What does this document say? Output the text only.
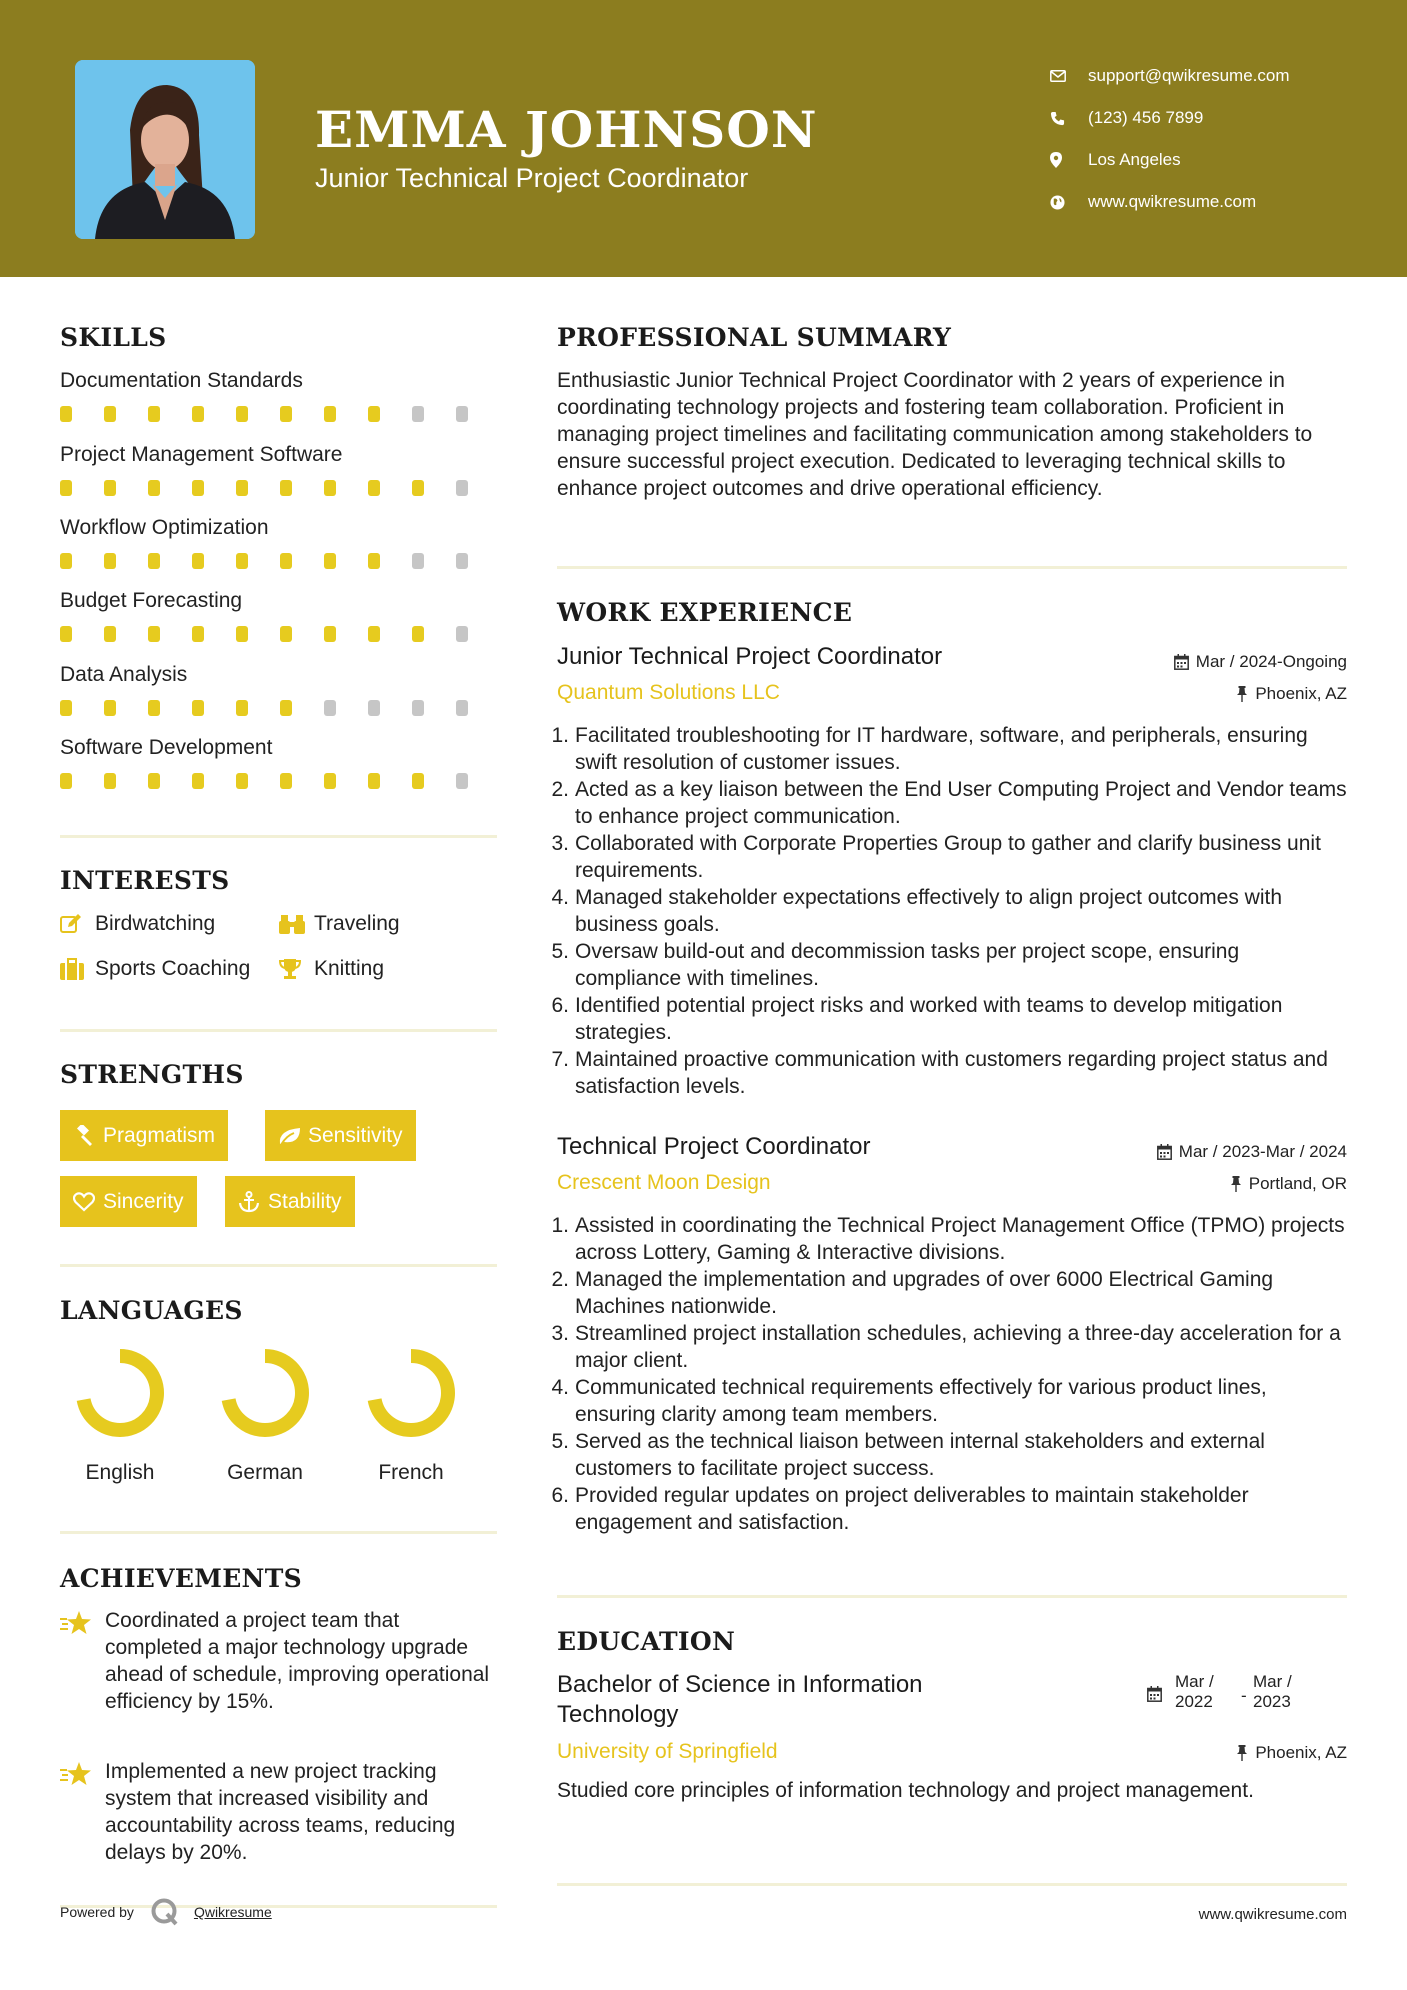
EMMA JOHNSON
Junior Technical Project Coordinator
support@qwikresume.com
(123) 456 7899
Los Angeles
www.qwikresume.com
SKILLS
Documentation Standards
Project Management Software
Workflow Optimization
Budget Forecasting
Data Analysis
Software Development
INTERESTS
Birdwatching	Traveling
Sports Coaching	Knitting
STRENGTHS
Pragmatism	Sensitivity
Sincerity	Stability
LANGUAGES
English	German	French
ACHIEVEMENTS
Coordinated a project team that completed a major technology upgrade ahead of schedule, improving operational efficiency by 15%.
Implemented a new project tracking system that increased visibility and accountability across teams, reducing delays by 20%.
Powered by	Qwikresume	www.qwikresume.com
PROFESSIONAL SUMMARY
Enthusiastic Junior Technical Project Coordinator with 2 years of experience in coordinating technology projects and fostering team collaboration. Proficient in managing project timelines and facilitating communication among stakeholders to ensure successful project execution. Dedicated to leveraging technical skills to enhance project outcomes and drive operational efficiency.
WORK EXPERIENCE
Junior Technical Project Coordinator
Quantum Solutions LLC
Mar / 2024-Ongoing
Phoenix, AZ
1. Facilitated troubleshooting for IT hardware, software, and peripherals, ensuring swift resolution of customer issues.
2. Acted as a key liaison between the End User Computing Project and Vendor teams to enhance project communication.
3. Collaborated with Corporate Properties Group to gather and clarify business unit requirements.
4. Managed stakeholder expectations effectively to align project outcomes with business goals.
5. Oversaw build-out and decommission tasks per project scope, ensuring compliance with timelines.
6. Identified potential project risks and worked with teams to develop mitigation strategies.
7. Maintained proactive communication with customers regarding project status and satisfaction levels.
Technical Project Coordinator
Crescent Moon Design
Mar / 2023-Mar / 2024
Portland, OR
1. Assisted in coordinating the Technical Project Management Office (TPMO) projects across Lottery, Gaming & Interactive divisions.
2. Managed the implementation and upgrades of over 6000 Electrical Gaming Machines nationwide.
3. Streamlined project installation schedules, achieving a three-day acceleration for a major client.
4. Communicated technical requirements effectively for various product lines, ensuring clarity among team members.
5. Served as the technical liaison between internal stakeholders and external customers to facilitate project success.
6. Provided regular updates on project deliverables to maintain stakeholder engagement and satisfaction.
EDUCATION
Bachelor of Science in Information Technology
Mar / 2022	-
Mar / 2023
University of Springfield	Phoenix, AZ
Studied core principles of information technology and project management.
